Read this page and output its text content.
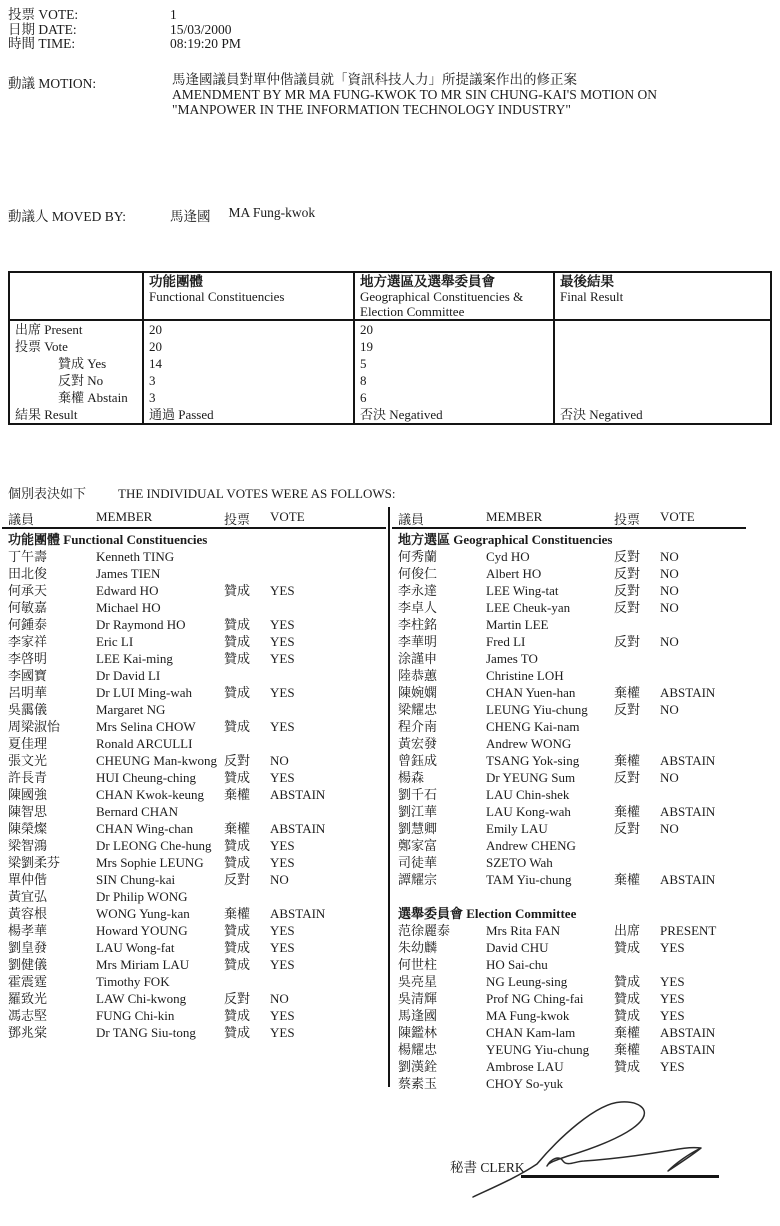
投票 VOTE:	1
日期 DATE:	15/03/2000
時間 TIME:	08:19:20 PM
動議 MOTION:	馬逢國議員對單仲偕議員就「資訊科技人力」所提議案作出的修正案
AMENDMENT BY MR MA FUNG-KWOK TO MR SIN CHUNG-KAI'S MOTION ON
"MANPOWER IN THE INFORMATION TECHNOLOGY INDUSTRY"
動議人 MOVED BY:	馬逢國 MA Fung-kwok

功能團體
Functional Constituencies

地方選區及選舉委員會
Geographical Constituencies & Election Committee

最後結果
Final Result

出席 Present	20	20	
投票 Vote	20	19	
贊成 Yes	14	5	
反對 No	3	8	
棄權 Abstain	3	6	
結果 Result	通過 Passed	否決 Negatived	否決 Negatived
個別表決如下 THE INDIVIDUAL VOTES WERE AS FOLLOWS:
議員	MEMBER	投票	VOTE	議員	MEMBER	投票	VOTE
功能團體 Functional Constituencies
丁午壽	Kenneth TING
田北俊	James TIEN
何承天	Edward HO	贊成	YES
何敏嘉	Michael HO
何鍾泰	Dr Raymond HO	贊成	YES
李家祥	Eric LI	贊成	YES
李啓明	LEE Kai-ming	贊成	YES
李國寶	Dr David LI
呂明華	Dr LUI Ming-wah	贊成	YES
吳靄儀	Margaret NG
周梁淑怡	Mrs Selina CHOW	贊成	YES
夏佳理	Ronald ARCULLI
張文光	CHEUNG Man-kwong 反對	NO
許長青	HUI Cheung-ching	贊成	YES
陳國強	CHAN Kwok-keung	棄權	ABSTAIN
陳智思	Bernard CHAN
陳榮燦	CHAN Wing-chan	棄權	ABSTAIN
梁智鴻	Dr LEONG Che-hung 贊成	YES
梁劉柔芬	Mrs Sophie LEUNG	贊成	YES
單仲偕	SIN Chung-kai	反對	NO
黃宜弘	Dr Philip WONG
黃容根	WONG Yung-kan	棄權	ABSTAIN
楊孝華	Howard YOUNG	贊成	YES
劉皇發	LAU Wong-fat	贊成	YES
劉健儀	Mrs Miriam LAU	贊成	YES
霍震霆	Timothy FOK
羅致光	LAW Chi-kwong	反對	NO
馮志堅	FUNG Chi-kin	贊成	YES
鄧兆棠	Dr TANG Siu-tong	贊成	YES
地方選區 Geographical Constituencies
何秀蘭	Cyd HO	反對	NO
何俊仁	Albert HO	反對	NO
李永達	LEE Wing-tat	反對	NO
李卓人	LEE Cheuk-yan	反對	NO
李柱銘	Martin LEE
李華明	Fred LI	反對	NO
涂謹申	James TO
陸恭蕙	Christine LOH
陳婉嫻	CHAN Yuen-han	棄權	ABSTAIN
梁耀忠	LEUNG Yiu-chung	反對	NO
程介南	CHENG Kai-nam
黃宏發	Andrew WONG
曾鈺成	TSANG Yok-sing	棄權	ABSTAIN
楊森	Dr YEUNG Sum	反對	NO
劉千石	LAU Chin-shek
劉江華	LAU Kong-wah	棄權	ABSTAIN
劉慧卿	Emily LAU	反對	NO
鄭家富	Andrew CHENG
司徒華	SZETO Wah
譚耀宗	TAM Yiu-chung	棄權	ABSTAIN
選舉委員會 Election Committee
范徐麗泰	Mrs Rita FAN	出席	PRESENT
朱幼麟	David CHU	贊成	YES
何世柱	HO Sai-chu
吳亮星	NG Leung-sing	贊成	YES
吳清輝	Prof NG Ching-fai	贊成	YES
馬逢國	MA Fung-kwok	贊成	YES
陳鑑林	CHAN Kam-lam	棄權	ABSTAIN
楊耀忠	YEUNG Yiu-chung	棄權	ABSTAIN
劉漢銓	Ambrose LAU	贊成	YES
蔡素玉	CHOY So-yuk
秘書 CLERK
